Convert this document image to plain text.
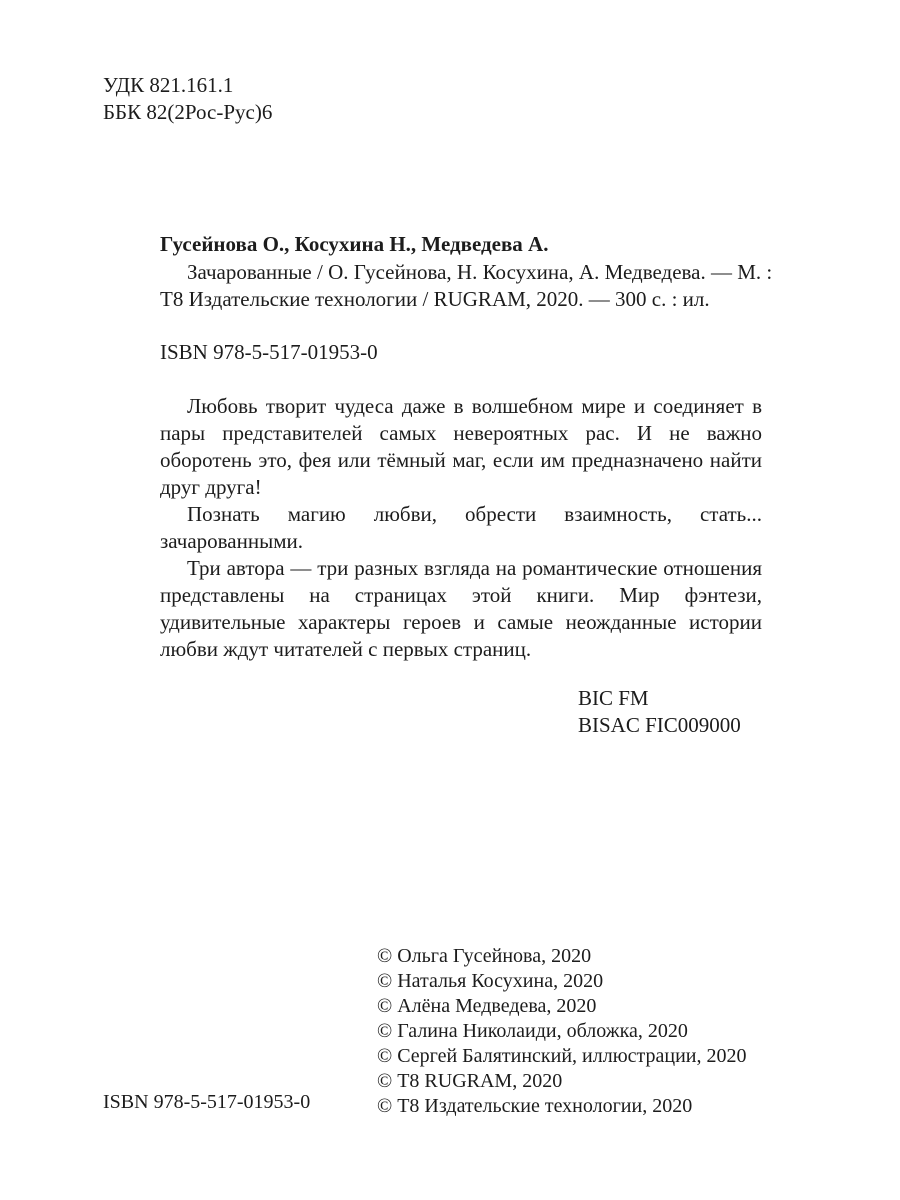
УДК 821.161.1
ББК 82(2Рос-Рус)6
Гусейнова О., Косухина Н., Медведева А.
Зачарованные / О. Гусейнова, Н. Косухина, А. Медведева. — М. :
Т8 Издательские технологии / RUGRAM, 2020. — 300 с. : ил.
ISBN 978-5-517-01953-0

Любовь творит чудеса даже в волшебном мире и соединяет в пары представителей самых невероятных рас. И не важно оборотень это, фея или тёмный маг, если им предназначено найти друг друга!

Познать магию любви, обрести взаимность, стать... зачарованными.

Три автора — три разных взгляда на романтические отношения представлены на страницах этой книги. Мир фэнтези, удивительные характеры героев и самые неожданные истории любви ждут читателей с первых страниц.

BIC FM
BISAC FIC009000
© Ольга Гусейнова, 2020
© Наталья Косухина, 2020
© Алёна Медведева, 2020
© Галина Николаиди, обложка, 2020
© Сергей Балятинский, иллюстрации, 2020
© Т8 RUGRAM, 2020
© Т8 Издательские технологии, 2020
ISBN 978-5-517-01953-0
